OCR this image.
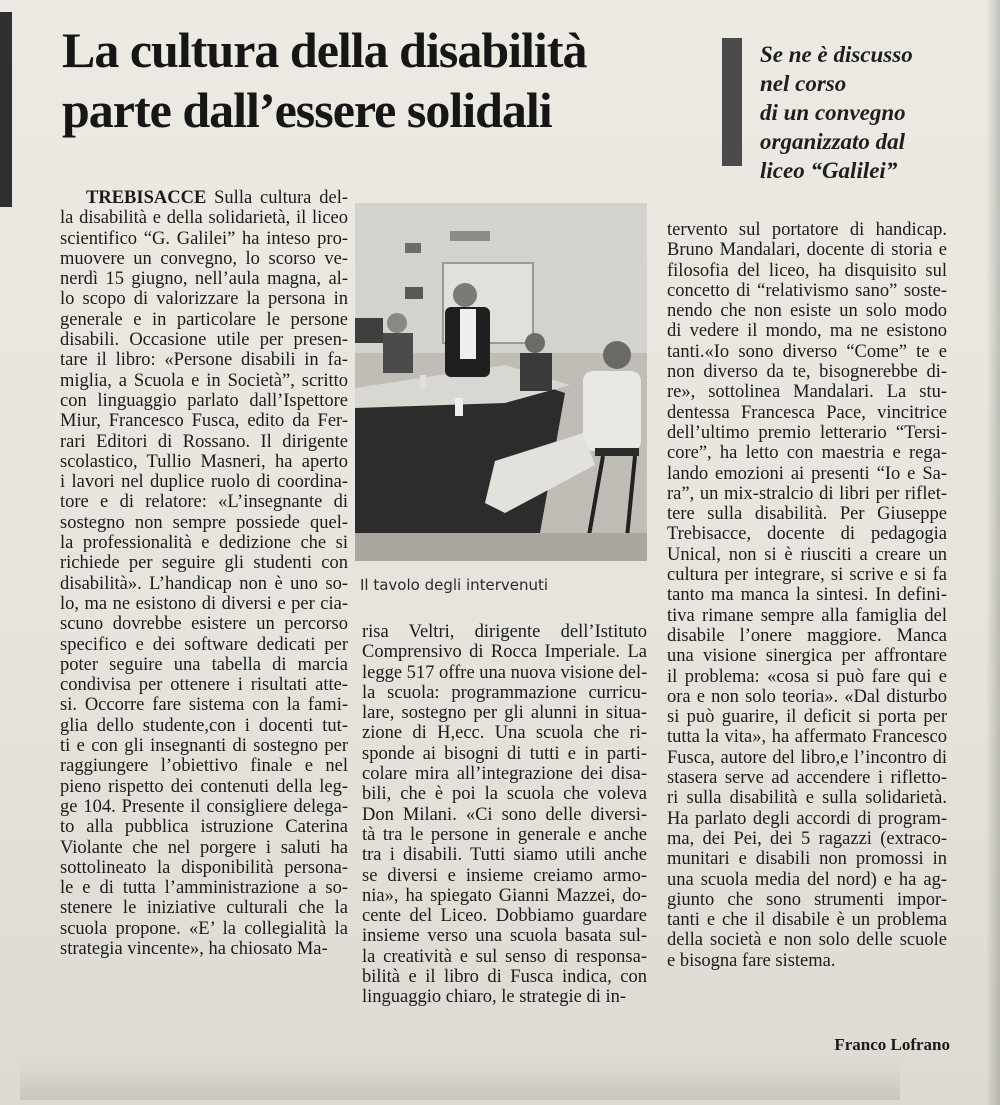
La cultura della disabilità
parte dall’essere solidali

Se ne è discusso
nel corso
di un convegno
organizzato dal
liceo “Galilei”

TREBISACCE Sulla cultura del-
la disabilità e della solidarietà, il liceo
scientifico “G. Galilei” ha inteso pro-
muovere un convegno, lo scorso ve-
nerdì 15 giugno, nell’aula magna, al-
lo scopo di valorizzare la persona in
generale e in particolare le persone
disabili. Occasione utile per presen-
tare il libro: «Persone disabili in fa-
miglia, a Scuola e in Società”, scritto
con linguaggio parlato dall’Ispettore
Miur, Francesco Fusca, edito da Fer-
rari Editori di Rossano. Il dirigente
scolastico, Tullio Masneri, ha aperto
i lavori nel duplice ruolo di coordina-
tore e di relatore: «L’insegnante di
sostegno non sempre possiede quel-
la professionalità e dedizione che si
richiede per seguire gli studenti con
disabilità». L’handicap non è uno so-
lo, ma ne esistono di diversi e per cia-
scuno dovrebbe esistere un percorso
specifico e dei software dedicati per
poter seguire una tabella di marcia
condivisa per ottenere i risultati atte-
si. Occorre fare sistema con la fami-
glia dello studente,con i docenti tut-
ti e con gli insegnanti di sostegno per
raggiungere l’obiettivo finale e nel
pieno rispetto dei contenuti della leg-
ge 104. Presente il consigliere delega-
to alla pubblica istruzione Caterina
Violante che nel porgere i saluti ha
sottolineato la disponibilità persona-
le e di tutta l’amministrazione a so-
stenere le iniziative culturali che la
scuola propone. «E’ la collegialità la
strategia vincente», ha chiosato Ma-
Il tavolo degli intervenuti
risa Veltri, dirigente dell’Istituto
Comprensivo di Rocca Imperiale. La
legge 517 offre una nuova visione del-
la scuola: programmazione curricu-
lare, sostegno per gli alunni in situa-
zione di H,ecc. Una scuola che ri-
sponde ai bisogni di tutti e in parti-
colare mira all’integrazione dei disa-
bili, che è poi la scuola che voleva
Don Milani. «Ci sono delle diversi-
tà tra le persone in generale e anche
tra i disabili. Tutti siamo utili anche
se diversi e insieme creiamo armo-
nia», ha spiegato Gianni Mazzei, do-
cente del Liceo. Dobbiamo guardare
insieme verso una scuola basata sul-
la creatività e sul senso di responsa-
bilità e il libro di Fusca indica, con
linguaggio chiaro, le strategie di in-
tervento sul portatore di handicap.
Bruno Mandalari, docente di storia e
filosofia del liceo, ha disquisito sul
concetto di “relativismo sano” soste-
nendo che non esiste un solo modo
di vedere il mondo, ma ne esistono
tanti.«Io sono diverso “Come” te e
non diverso da te, bisognerebbe di-
re», sottolinea Mandalari. La stu-
dentessa Francesca Pace, vincitrice
dell’ultimo premio letterario “Tersi-
core”, ha letto con maestria e rega-
lando emozioni ai presenti “Io e Sa-
ra”, un mix-stralcio di libri per riflet-
tere sulla disabilità. Per Giuseppe
Trebisacce, docente di pedagogia
Unical, non si è riusciti a creare un
cultura per integrare, si scrive e si fa
tanto ma manca la sintesi. In defini-
tiva rimane sempre alla famiglia del
disabile l’onere maggiore. Manca
una visione sinergica per affrontare
il problema: «cosa si può fare qui e
ora e non solo teoria». «Dal disturbo
si può guarire, il deficit si porta per
tutta la vita», ha affermato Francesco
Fusca, autore del libro,e l’incontro di
stasera serve ad accendere i rifletto-
ri sulla disabilità e sulla solidarietà.
Ha parlato degli accordi di program-
ma, dei Pei, dei 5 ragazzi (extraco-
munitari e disabili non promossi in
una scuola media del nord) e ha ag-
giunto che sono strumenti impor-
tanti e che il disabile è un problema
della società e non solo delle scuole
e bisogna fare sistema.
Franco Lofrano
